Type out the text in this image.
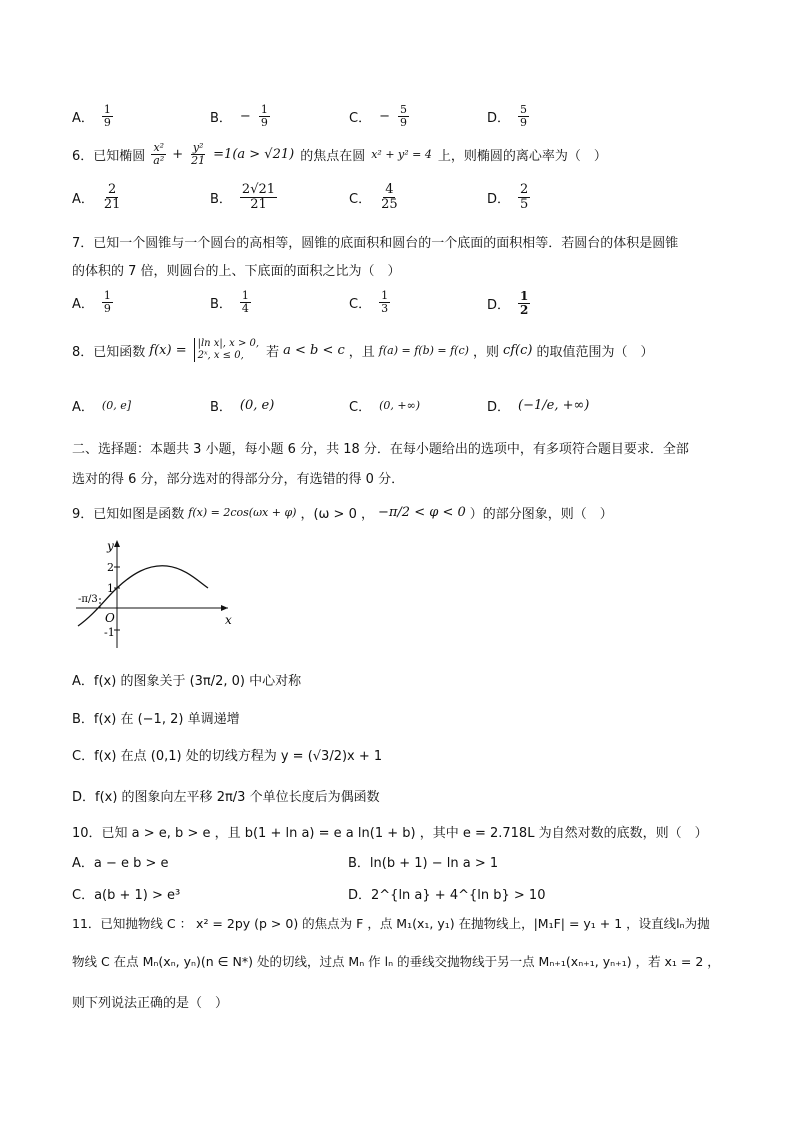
A． $\frac{1}{9}$	B． − $\frac{1}{9}$	C． − $\frac{5}{9}$	D． $\frac{5}{9}$
6．已知椭圆 $\frac{\text{x²}}{\text{a²}} + \frac{\text{y²}}{21} =1(a > √21)$ 的焦点在圆 x² + y² = 4 上，则椭圆的离心率为（　）
A． $\frac{2}{21}$	B． $\frac{2√21}{21}$	C． $\frac{4}{25}$	D． $\frac{2}{5}$
7．已知一个圆锥与一个圆台的高相等，圆锥的底面积和圆台的一个底面的面积相等．若圆台的体积是圆锥
的体积的 7 倍，则圆台的上、下底面的面积之比为（　）
A． $\frac{1}{9}$	B． $\frac{1}{4}$	C． $\frac{1}{3}$	D． $\frac{1}{2}$
8．已知函数 f(x) = |ln x|, x > 0,
2ˣ, x ≤ 0,	若 a < b < c ，且 f(a) = f(b) = f(c) ，则 cf(c) 的取值范围为（　）
A． (0, e]	B． (0, e)	C． (0, +∞)	D． (−1/e, +∞)
二、选择题：本题共 3 小题，每小题 6 分，共 18 分．在每小题给出的选项中，有多项符合题目要求．全部
选对的得 6 分，部分选对的得部分分，有选错的得 0 分．
9．已知如图是函数 f(x) = 2cos(ωx + φ) ，(ω > 0 ， −π/2 < φ < 0 ）的部分图象，则（　）
y
x
O
2
1
-1
-π/3
A．f(x) 的图象关于 (3π/2, 0) 中心对称
B．f(x) 在 (−1, 2) 单调递增
C．f(x) 在点 (0,1) 处的切线方程为 y = (√3/2)x + 1
D．f(x) 的图象向左平移 2π/3 个单位长度后为偶函数
10．已知 a > e, b > e ，且 b(1 + ln a) = e a ln(1 + b) ，其中 e = 2.718L 为自然对数的底数，则（　）
A．a − e b > e	B．ln(b + 1) − ln a > 1
C．a(b + 1) > e³	D．2^{ln a} + 4^{ln b} > 10
11．已知抛物线 C ： x² = 2py (p > 0) 的焦点为 F ，点 M₁(x₁, y₁) 在抛物线上，|M₁F| = y₁ + 1 ，设直线lₙ为抛
物线 C 在点 Mₙ(xₙ, yₙ)(n ∈ N*) 处的切线，过点 Mₙ 作 lₙ 的垂线交抛物线于另一点 Mₙ₊₁(xₙ₊₁, yₙ₊₁) ，若 x₁ = 2 ，
则下列说法正确的是（　）
